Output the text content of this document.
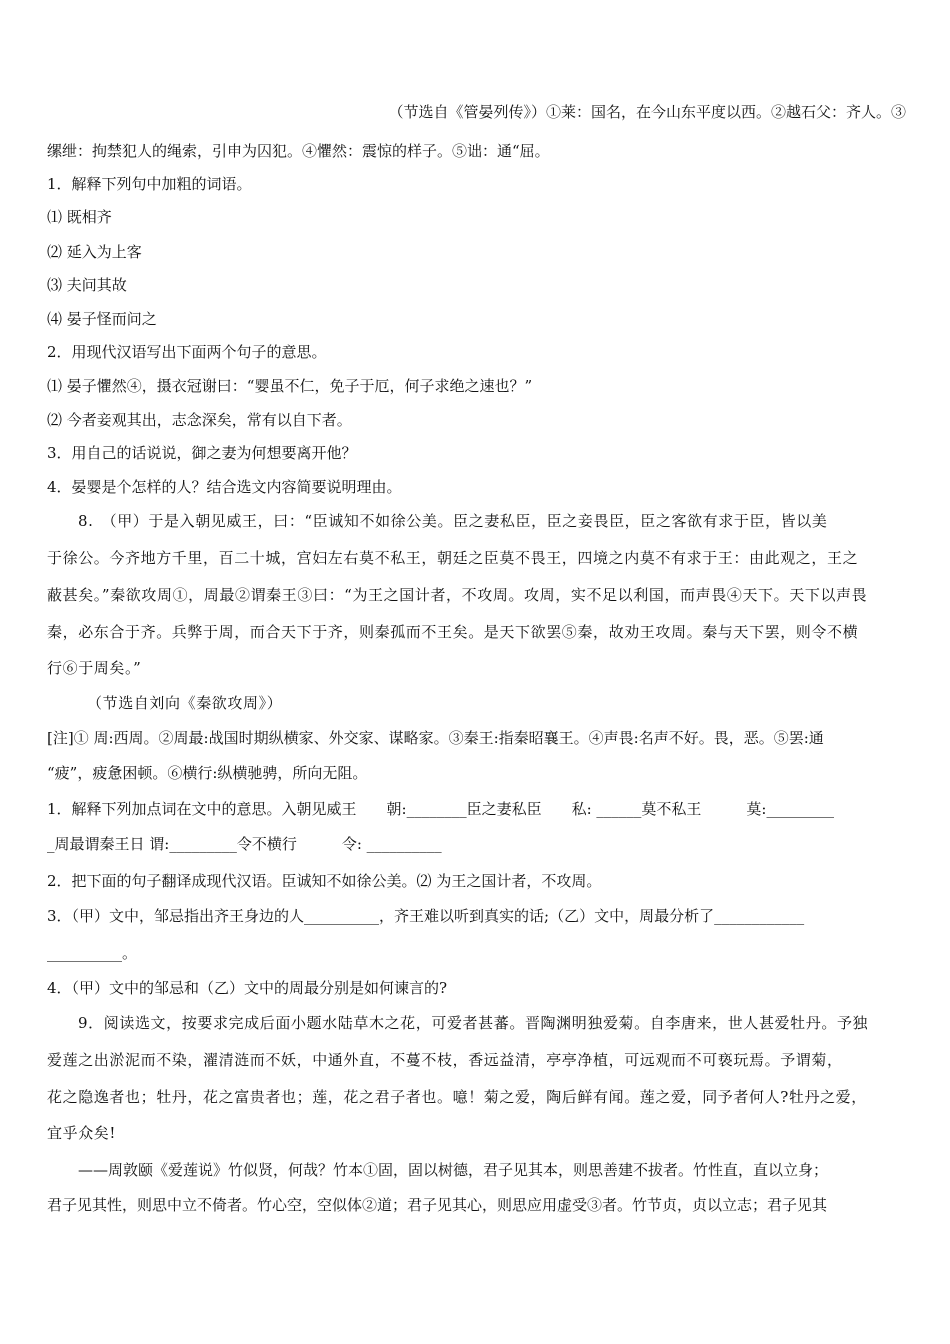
（节选自《管晏列传》）①莱：国名，在今山东平度以西。②越石父：齐人。③
缧绁：拘禁犯人的绳索，引申为囚犯。④懼然：震惊的样子。⑤诎：通“屈。
1．解释下列句中加粗的词语。
⑴ 既相齐
⑵ 延入为上客
⑶ 夫问其故
⑷ 晏子怪而问之
2．用现代汉语写出下面两个句子的意思。
⑴ 晏子懼然④，摄衣冠谢曰：“婴虽不仁，免子于厄，何子求绝之速也？”
⑵ 今者妾观其出，志念深矣，常有以自下者。
3．用自己的话说说，御之妻为何想要离开他？
4．晏婴是个怎样的人？结合选文内容简要说明理由。
8.　（甲）于是入朝见威王，曰：“臣诚知不如徐公美。臣之妻私臣，臣之妾畏臣，臣之客欲有求于臣，皆以美
于徐公。今齐地方千里，百二十城，宫妇左右莫不私王，朝廷之臣莫不畏王，四境之内莫不有求于王：由此观之，王之
蔽甚矣。”秦欲攻周①，周最②谓秦王③曰：“为王之国计者，不攻周。攻周，实不足以利国，而声畏④天下。天下以声畏
秦，必东合于齐。兵弊于周，而合天下于齐，则秦孤而不王矣。是天下欲罢⑤秦，故劝王攻周。秦与天下罢，则令不横
行⑥于周矣。”
（节选自刘向《秦欲攻周》）
[注]① 周:西周。②周最:战国时期纵横家、外交家、谋略家。③秦王:指秦昭襄王。④声畏:名声不好。畏，恶。⑤罢:通
“疲”，疲惫困顿。⑥横行:纵横驰骋，所向无阻。
1．解释下列加点词在文中的意思。入朝见威王　　朝:________臣之妻私臣　　私: ______莫不私王　　　莫:_________
_周最谓秦王日 谓:_________令不横行　　　令: __________
2．把下面的句子翻译成现代汉语。臣诚知不如徐公美。⑵ 为王之国计者，不攻周。
3．（甲）文中，邹忌指出齐王身边的人__________，齐王难以听到真实的话;（乙）文中，周最分析了____________
__________。
4．（甲）文中的邹忌和（乙）文中的周最分别是如何谏言的?
9．阅读选文，按要求完成后面小题水陆草木之花，可爱者甚蕃。晋陶渊明独爱菊。自李唐来，世人甚爱牡丹。予独
爱莲之出淤泥而不染，濯清涟而不妖，中通外直，不蔓不枝，香远益清，亭亭净植，可远观而不可亵玩焉。予谓菊，
花之隐逸者也；牡丹，花之富贵者也；莲，花之君子者也。噫！菊之爱，陶后鲜有闻。莲之爱，同予者何人?牡丹之爱，
宜乎众矣!
——周敦颐《爱莲说》竹似贤，何哉？竹本①固，固以树德，君子见其本，则思善建不拔者。竹性直，直以立身；
君子见其性，则思中立不倚者。竹心空，空似体②道；君子见其心，则思应用虚受③者。竹节贞，贞以立志；君子见其
